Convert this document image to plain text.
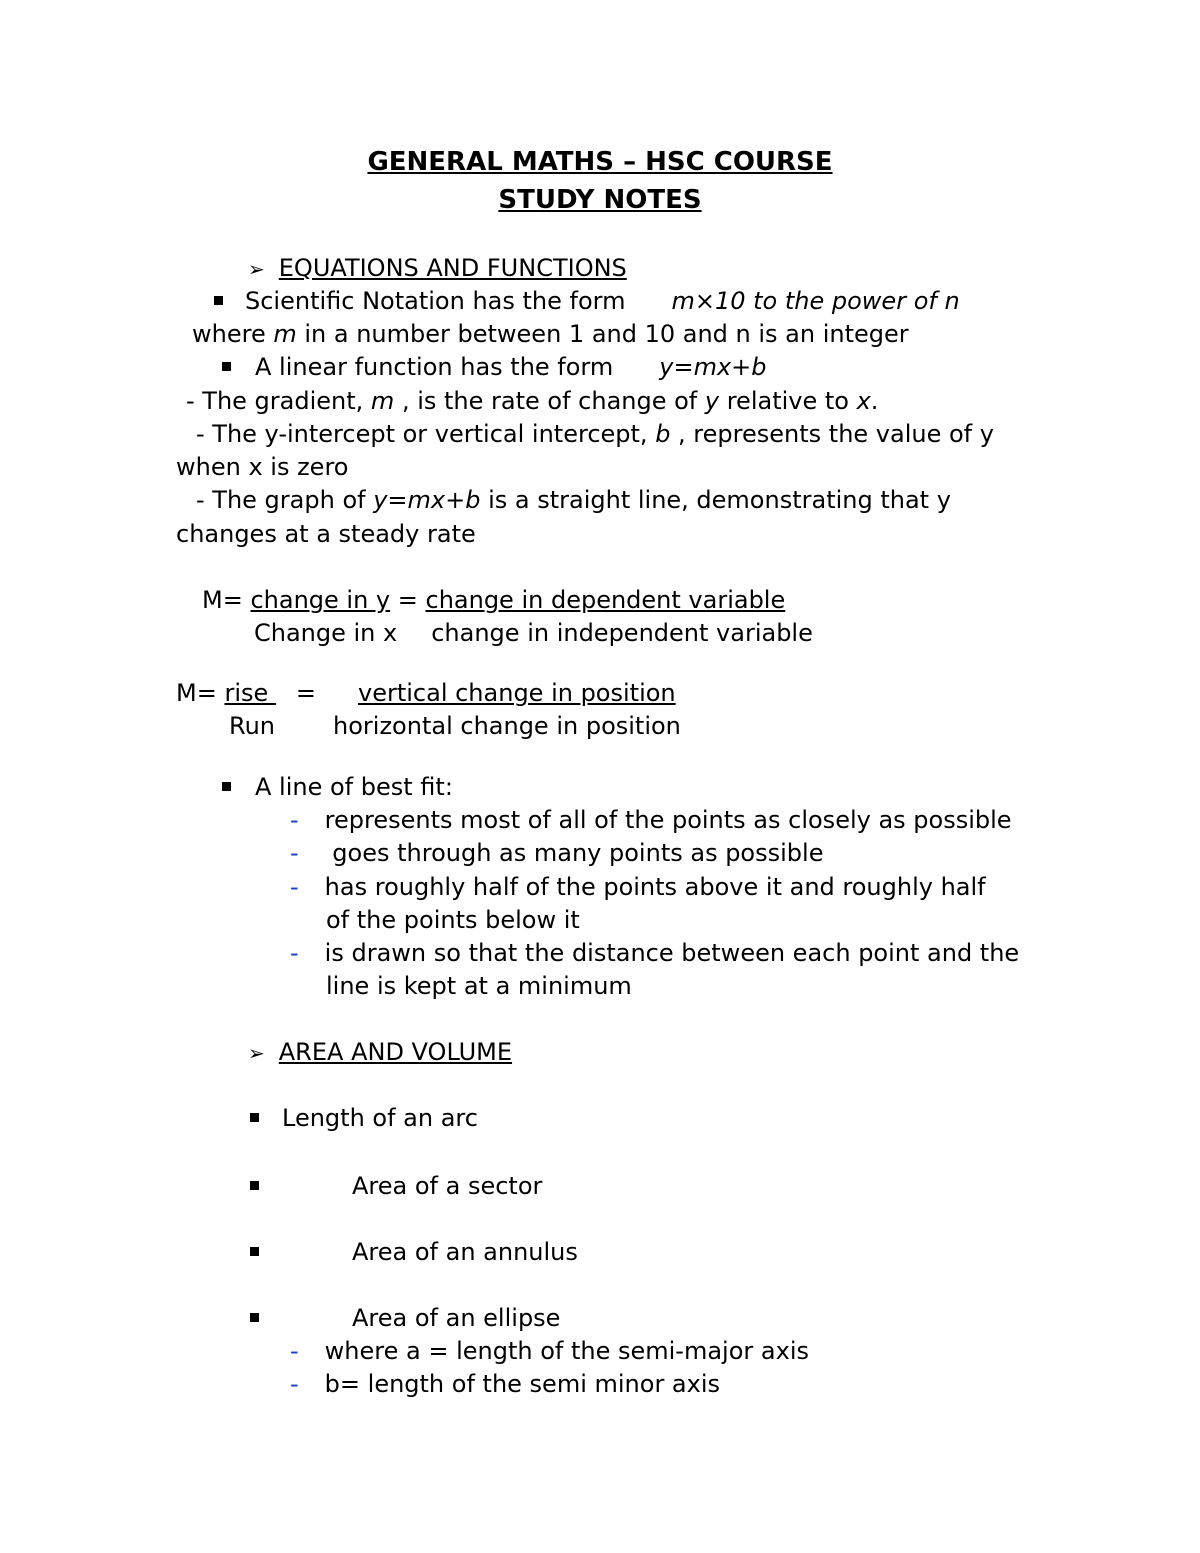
GENERAL MATHS – HSC COURSE
STUDY NOTES
➢ EQUATIONS AND FUNCTIONS
Scientific Notation has the form m×10 to the power of n
where m in a number between 1 and 10 and n is an integer
A linear function has the form y=mx+b
- The gradient, m , is the rate of change of y relative to x.
- The y-intercept or vertical intercept, b , represents the value of y
when x is zero
- The graph of y=mx+b is a straight line, demonstrating that y
changes at a steady rate
M= change in y = change in dependent variable
Change in x change in independent variable
M= rise = vertical change in position
Run horizontal change in position
A line of best fit:
- represents most of all of the points as closely as possible
- goes through as many points as possible
- has roughly half of the points above it and roughly half
of the points below it
- is drawn so that the distance between each point and the
line is kept at a minimum
➢ AREA AND VOLUME
Length of an arc
Area of a sector
Area of an annulus
Area of an ellipse
- where a = length of the semi-major axis
- b= length of the semi minor axis
